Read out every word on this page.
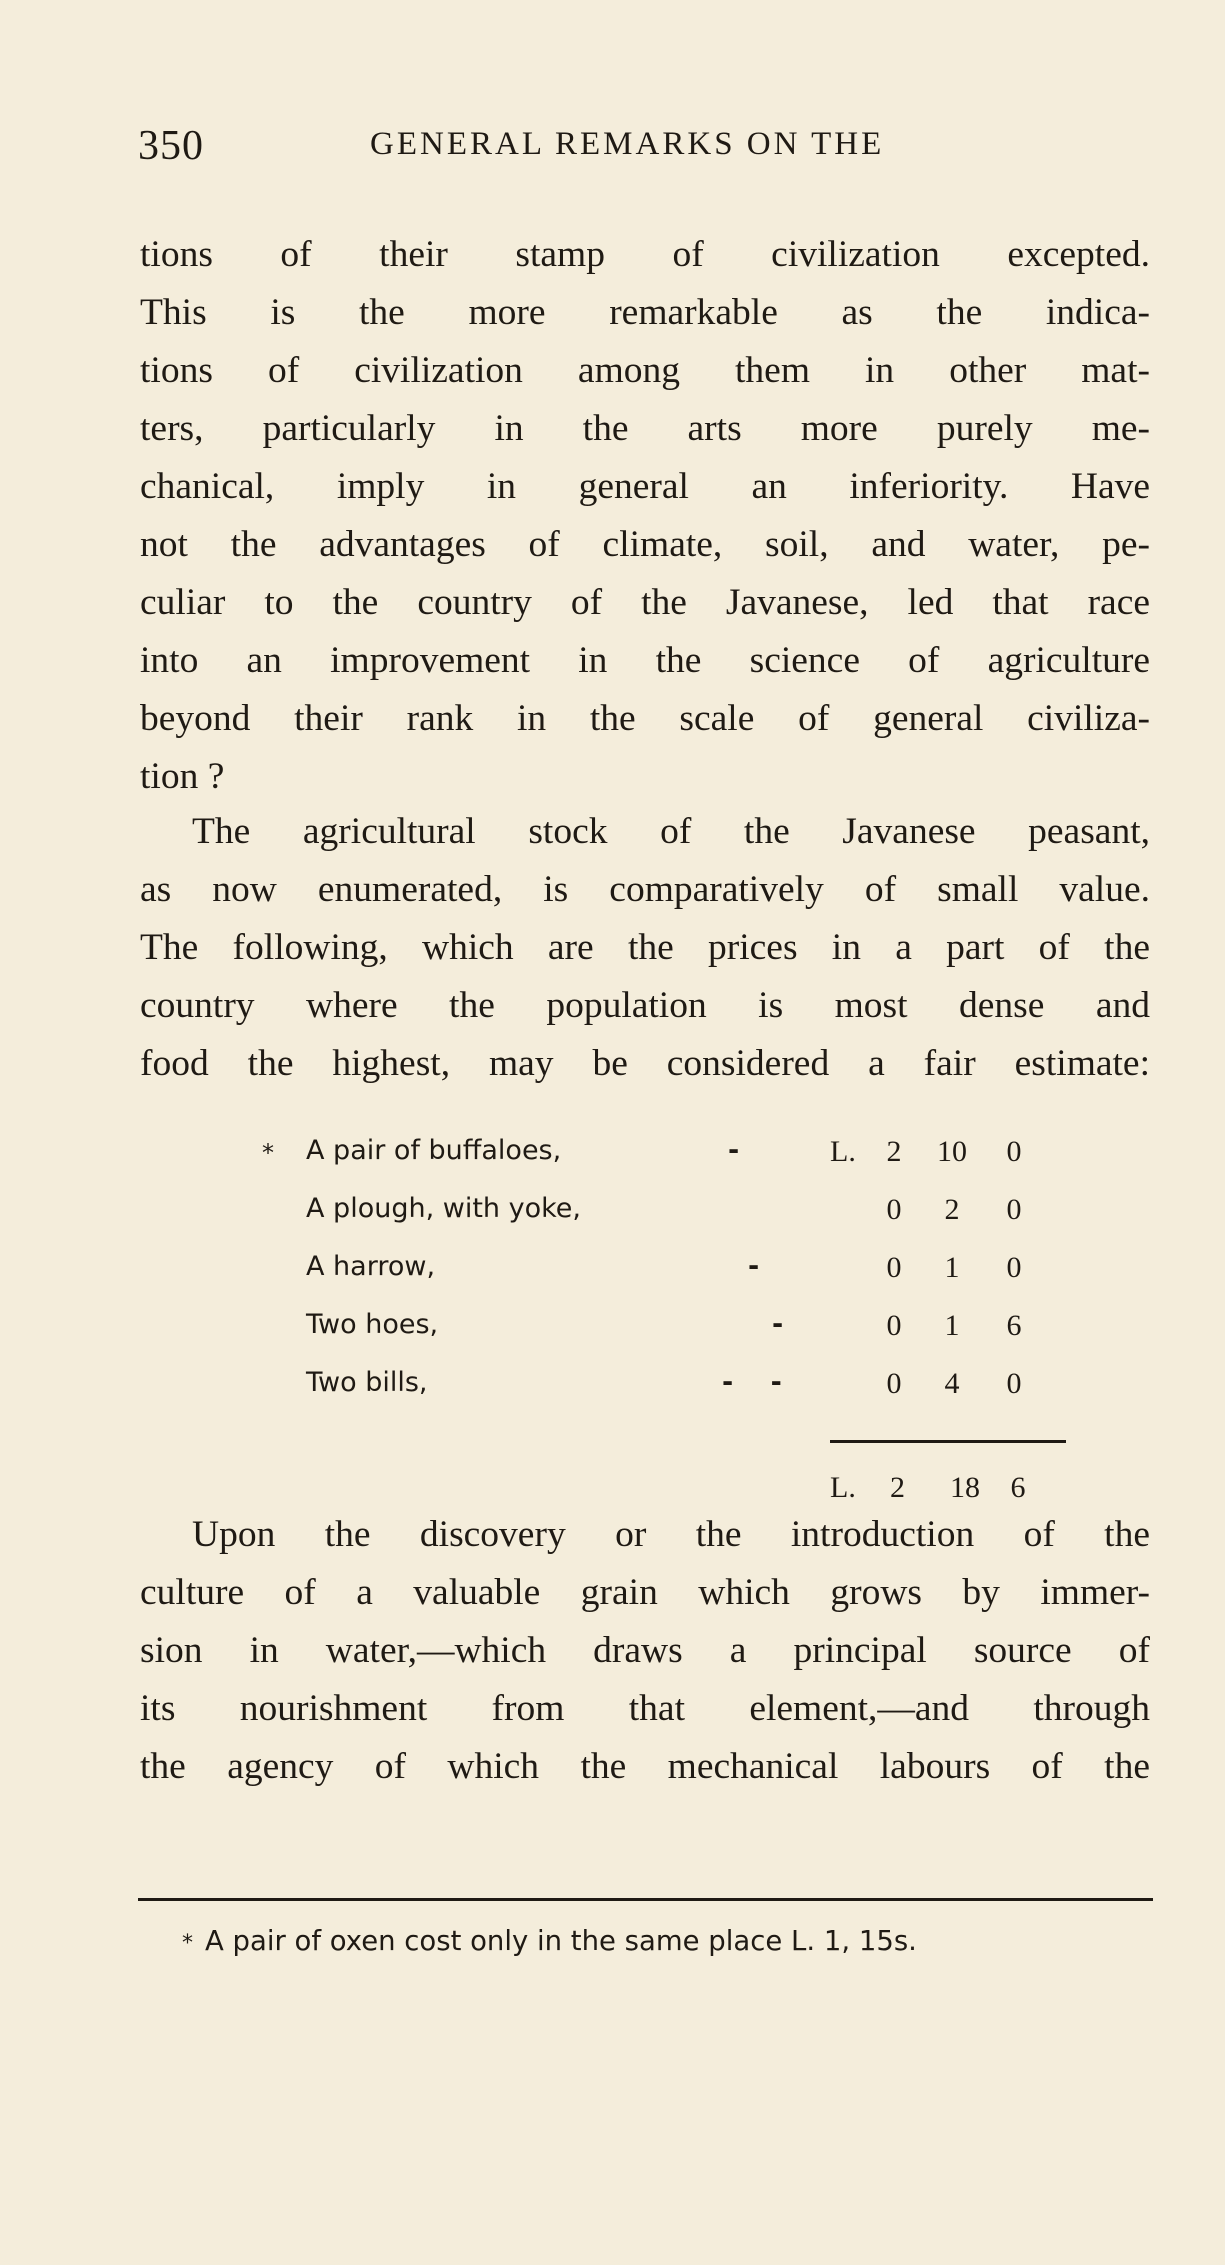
350	GENERAL REMARKS ON THE
tions of their stamp of civilization excepted.
This is the more remarkable as the indica-
tions of civilization among them in other mat-
ters, particularly in the arts more purely me-
chanical, imply in general an inferiority. Have
not the advantages of climate, soil, and water, pe-
culiar to the country of the Javanese, led that race
into an improvement in the science of agriculture
beyond their rank in the scale of general civiliza-
tion ?
The agricultural stock of the Javanese peasant,
as now enumerated, is comparatively of small value.
The following, which are the prices in a part of the
country where the population is most dense and
food the highest, may be considered a fair estimate:
* A pair of buffaloes,	-	L.	2	10	0
A plough, with yoke,	0	2	0
A harrow,	-	0	1	0
Two hoes,	-	0	1	6
Two bills,	- -	0	4	0
L. 2 18 6
Upon the discovery or the introduction of the
culture of a valuable grain which grows by immer-
sion in water,—which draws a principal source of
its nourishment from that element,—and through
the agency of which the mechanical labours of the
* A pair of oxen cost only in the same place L. 1, 15s.
